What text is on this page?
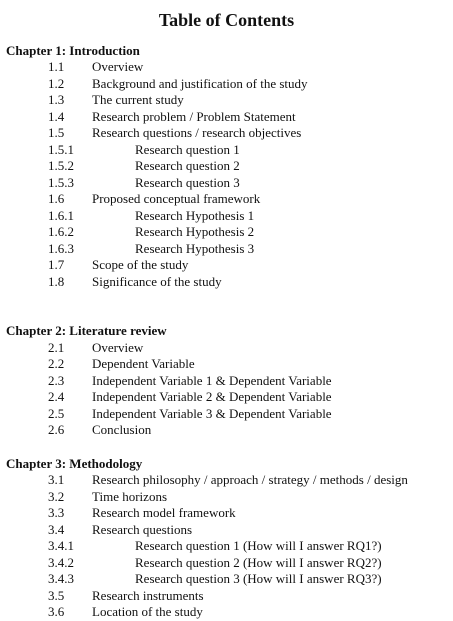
Table of Contents
Chapter 1: Introduction
1.1 Overview
1.2 Background and justification of the study
1.3 The current study
1.4 Research problem / Problem Statement
1.5 Research questions / research objectives
1.5.1	Research question 1
1.5.2	Research question 2
1.5.3	Research question 3
1.6 Proposed conceptual framework
1.6.1	Research Hypothesis 1
1.6.2	Research Hypothesis 2
1.6.3	Research Hypothesis 3
1.7 Scope of the study
1.8 Significance of the study
Chapter 2: Literature review
2.1 Overview
2.2 Dependent Variable
2.3 Independent Variable 1 & Dependent Variable
2.4 Independent Variable 2 & Dependent Variable
2.5 Independent Variable 3 & Dependent Variable
2.6 Conclusion
Chapter 3: Methodology
3.1 Research philosophy / approach / strategy / methods / design
3.2 Time horizons
3.3 Research model framework
3.4 Research questions
3.4.1	Research question 1 (How will I answer RQ1?)
3.4.2	Research question 2 (How will I answer RQ2?)
3.4.3	Research question 3 (How will I answer RQ3?)
3.5 Research instruments
3.6 Location of the study
